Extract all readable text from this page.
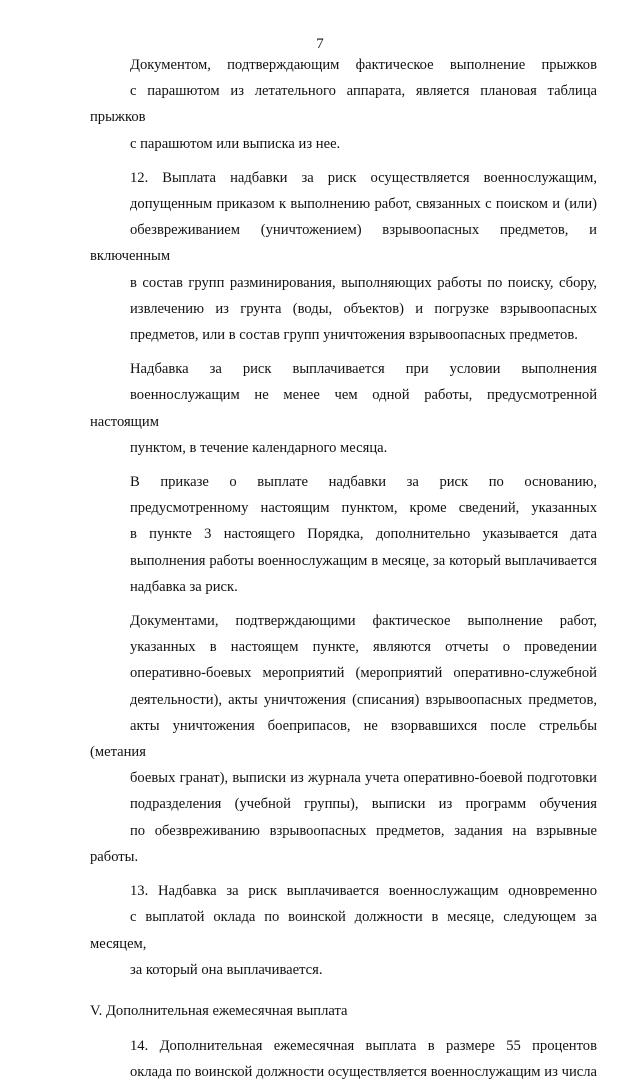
7

Документом, подтверждающим фактическое выполнение прыжков
с парашютом из летательного аппарата, является плановая таблица прыжков
с парашютом или выписка из нее.

12. Выплата надбавки за риск осуществляется военнослужащим,
допущенным приказом к выполнению работ, связанных с поиском и (или)
обезвреживанием (уничтожением) взрывоопасных предметов, и включенным
в состав групп разминирования, выполняющих работы по поиску, сбору,
извлечению из грунта (воды, объектов) и погрузке взрывоопасных
предметов, или в состав групп уничтожения взрывоопасных предметов.

Надбавка за риск выплачивается при условии выполнения
военнослужащим не менее чем одной работы, предусмотренной настоящим
пунктом, в течение календарного месяца.

В приказе о выплате надбавки за риск по основанию,
предусмотренному настоящим пунктом, кроме сведений, указанных
в пункте 3 настоящего Порядка, дополнительно указывается дата
выполнения работы военнослужащим в месяце, за который выплачивается
надбавка за риск.

Документами, подтверждающими фактическое выполнение работ,
указанных в настоящем пункте, являются отчеты о проведении
оперативно-боевых мероприятий (мероприятий оперативно-служебной
деятельности), акты уничтожения (списания) взрывоопасных предметов,
акты уничтожения боеприпасов, не взорвавшихся после стрельбы (метания
боевых гранат), выписки из журнала учета оперативно-боевой подготовки
подразделения (учебной группы), выписки из программ обучения
по обезвреживанию взрывоопасных предметов, задания на взрывные работы.

13. Надбавка за риск выплачивается военнослужащим одновременно
с выплатой оклада по воинской должности в месяце, следующем за месяцем,
за который она выплачивается.

V. Дополнительная ежемесячная выплата

14. Дополнительная ежемесячная выплата в размере 55 процентов
оклада по воинской должности осуществляется военнослужащим из числа
